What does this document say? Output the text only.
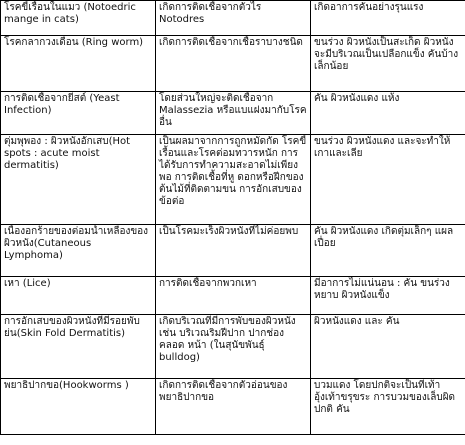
โรคขี้เรื้อนในแมว (Notoedric mange in cats)	เกิดการติดเชื้อจากตัวไร Notodres	เกิดอาการคันอย่างรุนแรง

โรคกลากวงเดือน (Ring worm)	เกิดการติดเชื้อจากเชื้อราบางชนิด	ขนร่วง ผิวหนังเป็นสะเก็ด ผิวหนังจะมีบริเวณเป็นเปลือกแข็ง คันบ้างเล็กน้อย

การติดเชื้อจากยีสต์ (Yeast Infection)	โดยส่วนใหญ่จะติดเชื้อจาก Malassezia หรือแบแฝงมากับโรคอื่น	คัน ผิวหนังแดง แห้ง

ตุ่มพุพอง : ผิวหนังอักเสบ(Hot spots : acute moist dermatitis)	เป็นผลมาจากการถูกหมัดกัด โรคขี้เรื้อนและโรคต่อมทวารหนัก การได้รับการทำความสะอาดไม่เพียงพอ การติดเชื้อที่หู ดอกหรือฝีกของต้นไม้ที่ติดตามขน การอักเสบของข้อต่อ	ขนร่วง ผิวหนังแดง และจะทำให้เกาและเลีย

เนื้องอกร้ายของต่อมน้ำเหลืองของผิวหนัง(Cutaneous Lymphoma)	เป็นโรคมะเร็งผิวหนังที่ไม่ค่อยพบ	คัน ผิวหนังแดง เกิดตุ่มเล็กๆ แผลเปื่อย

เหา (Lice)	การติดเชื้อจากพวกเหา	มีอาการไม่แน่นอน : คัน ขนร่วง หยาบ ผิวหนังแข็ง

การอักเสบของผิวหนังที่มีรอยพับย่น(Skin Fold Dermatitis)	เกิดบริเวณที่มีการพับของผิวหนัง เช่น บริเวณริมฝีปาก ปากช่องคลอด หน้า (ในสุนัขพันธุ์ bulldog)	ผิวหนังแดง และ คัน

พยาธิปากขอ(Hookworms )	เกิดการติดเชื้อจากตัวอ่อนของพยาธิปากขอ	บวมแดง โดยปกติจะเป็นที่เท้า อุ้งเท้าขรุขระ การบวมของเล็บผิดปกติ คัน
